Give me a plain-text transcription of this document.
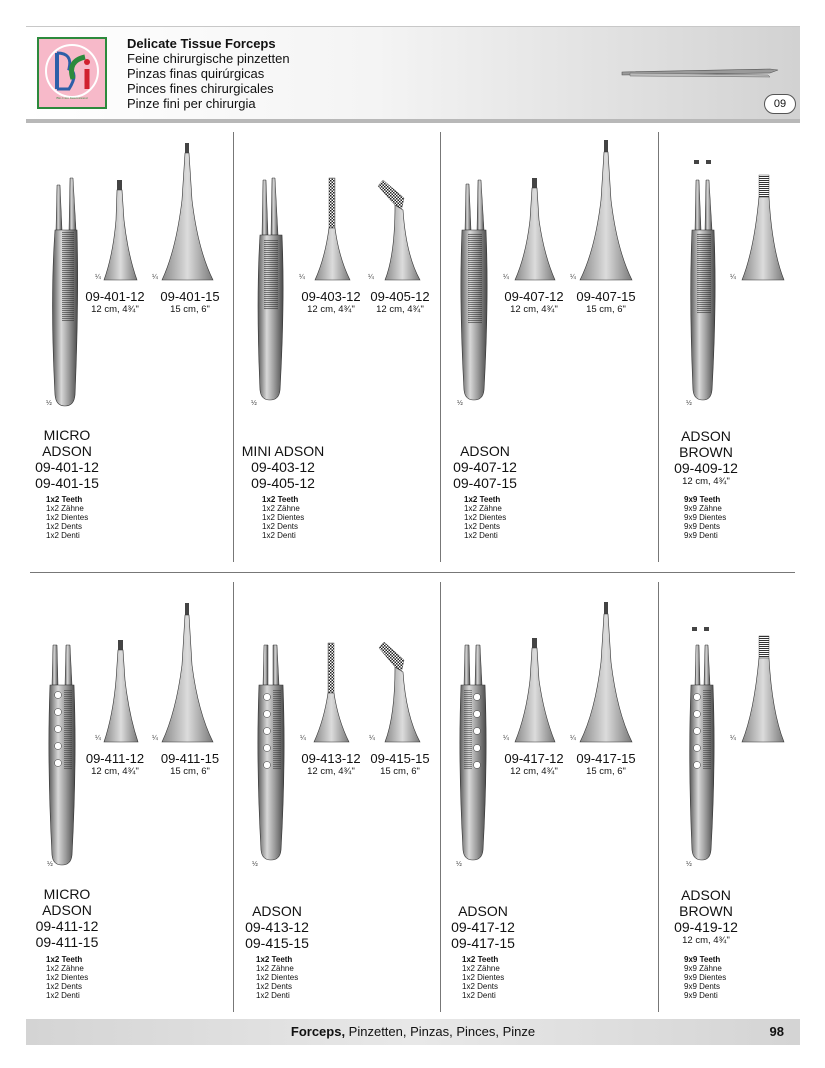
Bio Care International
Delicate Tissue Forceps
Feine chirurgische pinzetten
Pinzas finas quirúrgicas
Pinces fines chirurgicales
Pinze fini per chirurgia	09
½
¼	¼
½
¼	¼
½
¼	¼
½
¼
½
¼	¼
½
¼	¼
½
¼	¼
½
¼
09-401-12
12 cm, 4¾"
09-401-15
15 cm, 6"
09-403-12
12 cm, 4¾"
09-405-12
12 cm, 4¾"
09-407-12
12 cm, 4¾"
09-407-15
15 cm, 6"
09-411-12
12 cm, 4¾"
09-411-15
15 cm, 6"
09-413-12
12 cm, 4¾"
09-415-15
15 cm, 6"
09-417-12
12 cm, 4¾"
09-417-15
15 cm, 6"
MICRO
ADSON
09-401-12
09-401-15
1x2 Teeth
1x2 Zähne
1x2 Dientes
1x2 Dents
1x2 Denti
MINI ADSON
09-403-12
09-405-12
1x2 Teeth
1x2 Zähne
1x2 Dientes
1x2 Dents
1x2 Denti
ADSON
09-407-12
09-407-15
1x2 Teeth
1x2 Zähne
1x2 Dientes
1x2 Dents
1x2 Denti
ADSON
BROWN
09-409-12
12 cm, 4¾"
9x9 Teeth
9x9 Zähne
9x9 Dientes
9x9 Dents
9x9 Denti
MICRO
ADSON
09-411-12
09-411-15
1x2 Teeth
1x2 Zähne
1x2 Dientes
1x2 Dents
1x2 Denti
ADSON
09-413-12
09-415-15
1x2 Teeth
1x2 Zähne
1x2 Dientes
1x2 Dents
1x2 Denti
ADSON
09-417-12
09-417-15
1x2 Teeth
1x2 Zähne
1x2 Dientes
1x2 Dents
1x2 Denti
ADSON
BROWN
09-419-12
12 cm, 4¾"
9x9 Teeth
9x9 Zähne
9x9 Dientes
9x9 Dents
9x9 Denti
Forceps, Pinzetten, Pinzas, Pinces, Pinze	98
